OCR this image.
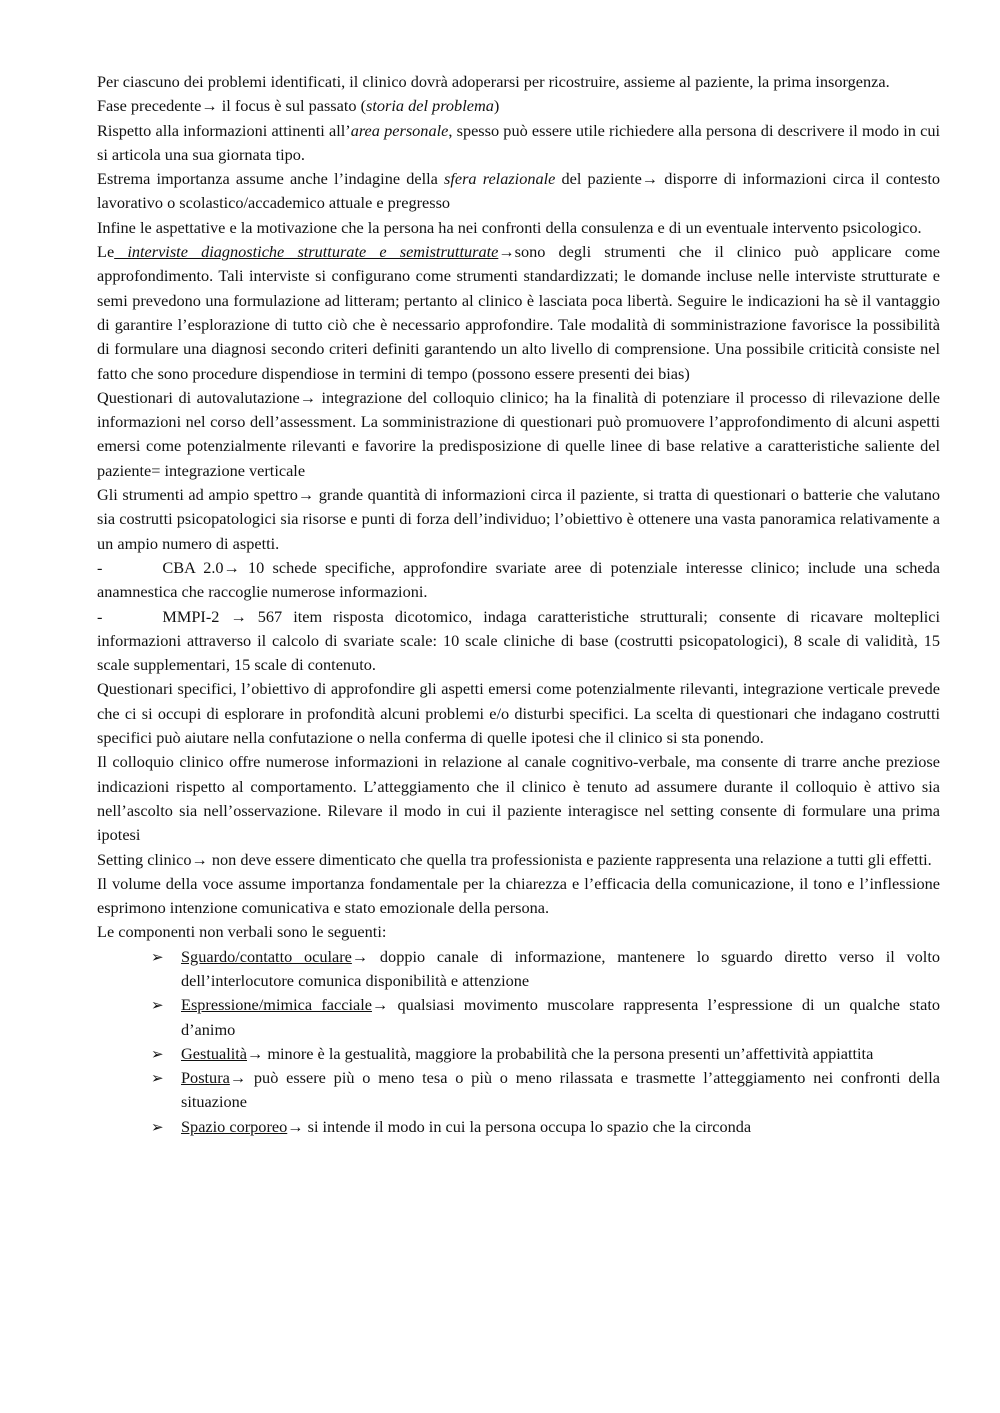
Per ciascuno dei problemi identificati, il clinico dovrà adoperarsi per ricostruire, assieme al paziente, la prima insorgenza.

Fase precedente→ il focus è sul passato (storia del problema)

Rispetto alla informazioni attinenti all’area personale, spesso può essere utile richiedere alla persona di descrivere il modo in cui si articola una sua giornata tipo.

Estrema importanza assume anche l’indagine della sfera relazionale del paziente→ disporre di informazioni circa il contesto lavorativo o scolastico/accademico attuale e pregresso

Infine le aspettative e la motivazione che la persona ha nei confronti della consulenza e di un eventuale intervento psicologico.

Le interviste diagnostiche strutturate e semistrutturate→sono degli strumenti che il clinico può applicare come approfondimento. Tali interviste si configurano come strumenti standardizzati; le domande incluse nelle interviste strutturate e semi prevedono una formulazione ad litteram; pertanto al clinico è lasciata poca libertà. Seguire le indicazioni ha sè il vantaggio di garantire l’esplorazione di tutto ciò che è necessario approfondire. Tale modalità di somministrazione favorisce la possibilità di formulare una diagnosi secondo criteri definiti garantendo un alto livello di comprensione. Una possibile criticità consiste nel fatto che sono procedure dispendiose in termini di tempo (possono essere presenti dei bias)

Questionari di autovalutazione→ integrazione del colloquio clinico; ha la finalità di potenziare il processo di rilevazione delle informazioni nel corso dell’assessment. La somministrazione di questionari può promuovere l’approfondimento di alcuni aspetti emersi come potenzialmente rilevanti e favorire la predisposizione di quelle linee di base relative a caratteristiche saliente del paziente= integrazione verticale

Gli strumenti ad ampio spettro→ grande quantità di informazioni circa il paziente, si tratta di questionari o batterie che valutano sia costrutti psicopatologici sia risorse e punti di forza dell’individuo; l’obiettivo è ottenere una vasta panoramica relativamente a un ampio numero di aspetti.

-	CBA 2.0→ 10 schede specifiche, approfondire svariate aree di potenziale interesse clinico; include una scheda anamnestica che raccoglie numerose informazioni.

-	MMPI-2 → 567 item risposta dicotomico, indaga caratteristiche strutturali; consente di ricavare molteplici informazioni attraverso il calcolo di svariate scale: 10 scale cliniche di base (costrutti psicopatologici), 8 scale di validità, 15 scale supplementari, 15 scale di contenuto.

Questionari specifici, l’obiettivo di approfondire gli aspetti emersi come potenzialmente rilevanti, integrazione verticale prevede che ci si occupi di esplorare in profondità alcuni problemi e/o disturbi specifici. La scelta di questionari che indagano costrutti specifici può aiutare nella confutazione o nella conferma di quelle ipotesi che il clinico si sta ponendo.

Il colloquio clinico offre numerose informazioni in relazione al canale cognitivo-verbale, ma consente di trarre anche preziose indicazioni rispetto al comportamento. L’atteggiamento che il clinico è tenuto ad assumere durante il colloquio è attivo sia nell’ascolto sia nell’osservazione. Rilevare il modo in cui il paziente interagisce nel setting consente di formulare una prima ipotesi

Setting clinico→ non deve essere dimenticato che quella tra professionista e paziente rappresenta una relazione a tutti gli effetti.

Il volume della voce assume importanza fondamentale per la chiarezza e l’efficacia della comunicazione, il tono e l’inflessione esprimono intenzione comunicativa e stato emozionale della persona.

Le componenti non verbali sono le seguenti:

➢ Sguardo/contatto oculare→ doppio canale di informazione, mantenere lo sguardo diretto verso il volto dell’interlocutore comunica disponibilità e attenzione
➢ Espressione/mimica facciale→ qualsiasi movimento muscolare rappresenta l’espressione di un qualche stato d’animo
➢ Gestualità→ minore è la gestualità, maggiore la probabilità che la persona presenti un’affettività appiattita
➢ Postura→ può essere più o meno tesa o più o meno rilassata e trasmette l’atteggiamento nei confronti della situazione
➢ Spazio corporeo→ si intende il modo in cui la persona occupa lo spazio che la circonda
